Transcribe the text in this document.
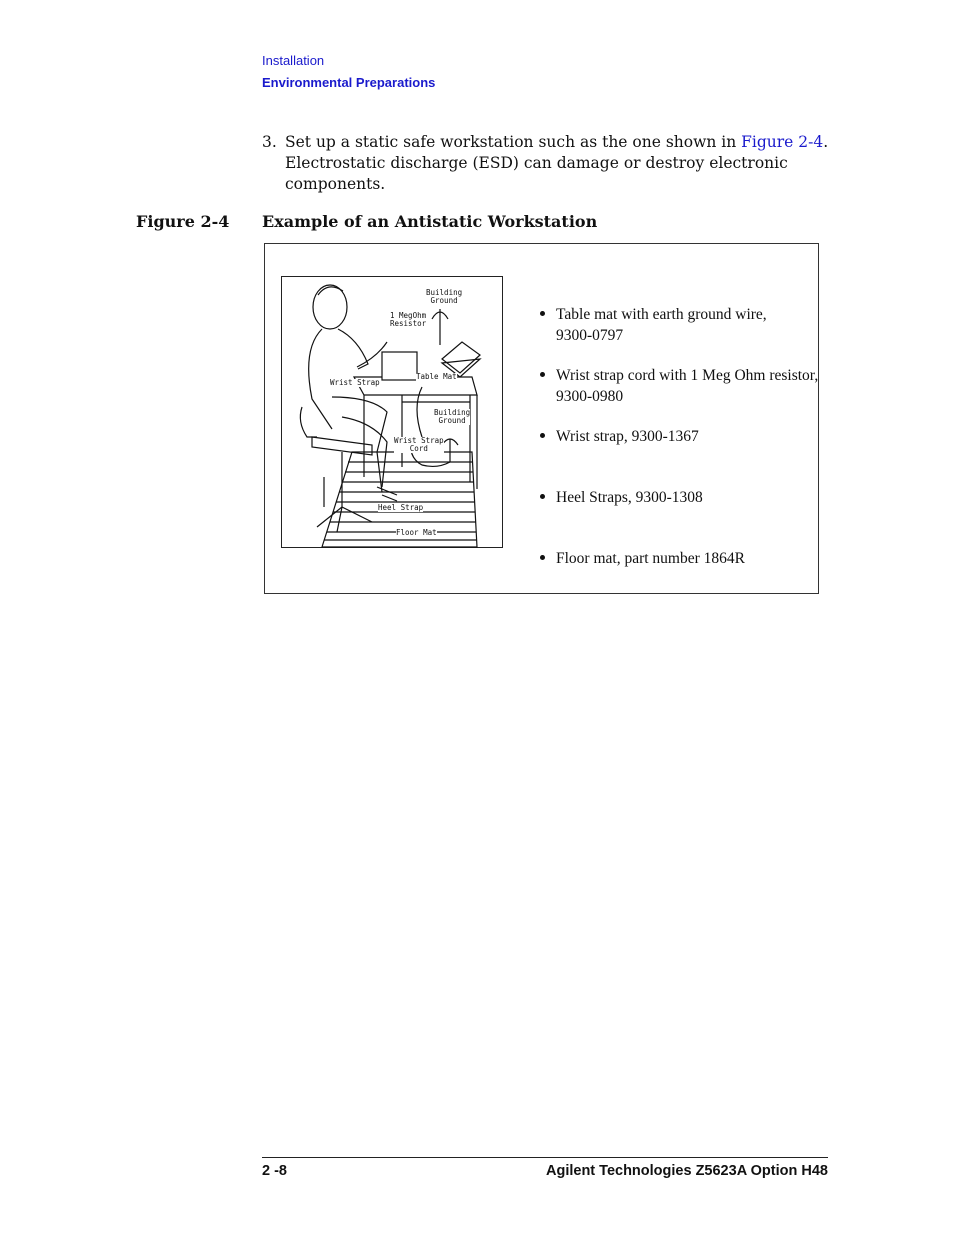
Installation
Environmental Preparations
3. Set up a static safe workstation such as the one shown in Figure 2-4. Electrostatic discharge (ESD) can damage or destroy electronic components.
Figure 2-4 Example of an Antistatic Workstation
Building
Ground
1 MegOhm
Resistor
Wrist Strap
Table Mat
Building
Ground
Wrist Strap
Cord
Heel Strap
Floor Mat
Table mat with earth ground wire,
9300-0797
Wrist strap cord with 1 Meg Ohm resistor,
9300-0980
Wrist strap, 9300-1367
Heel Straps, 9300-1308
Floor mat, part number 1864R
2 -8	Agilent Technologies Z5623A Option H48
